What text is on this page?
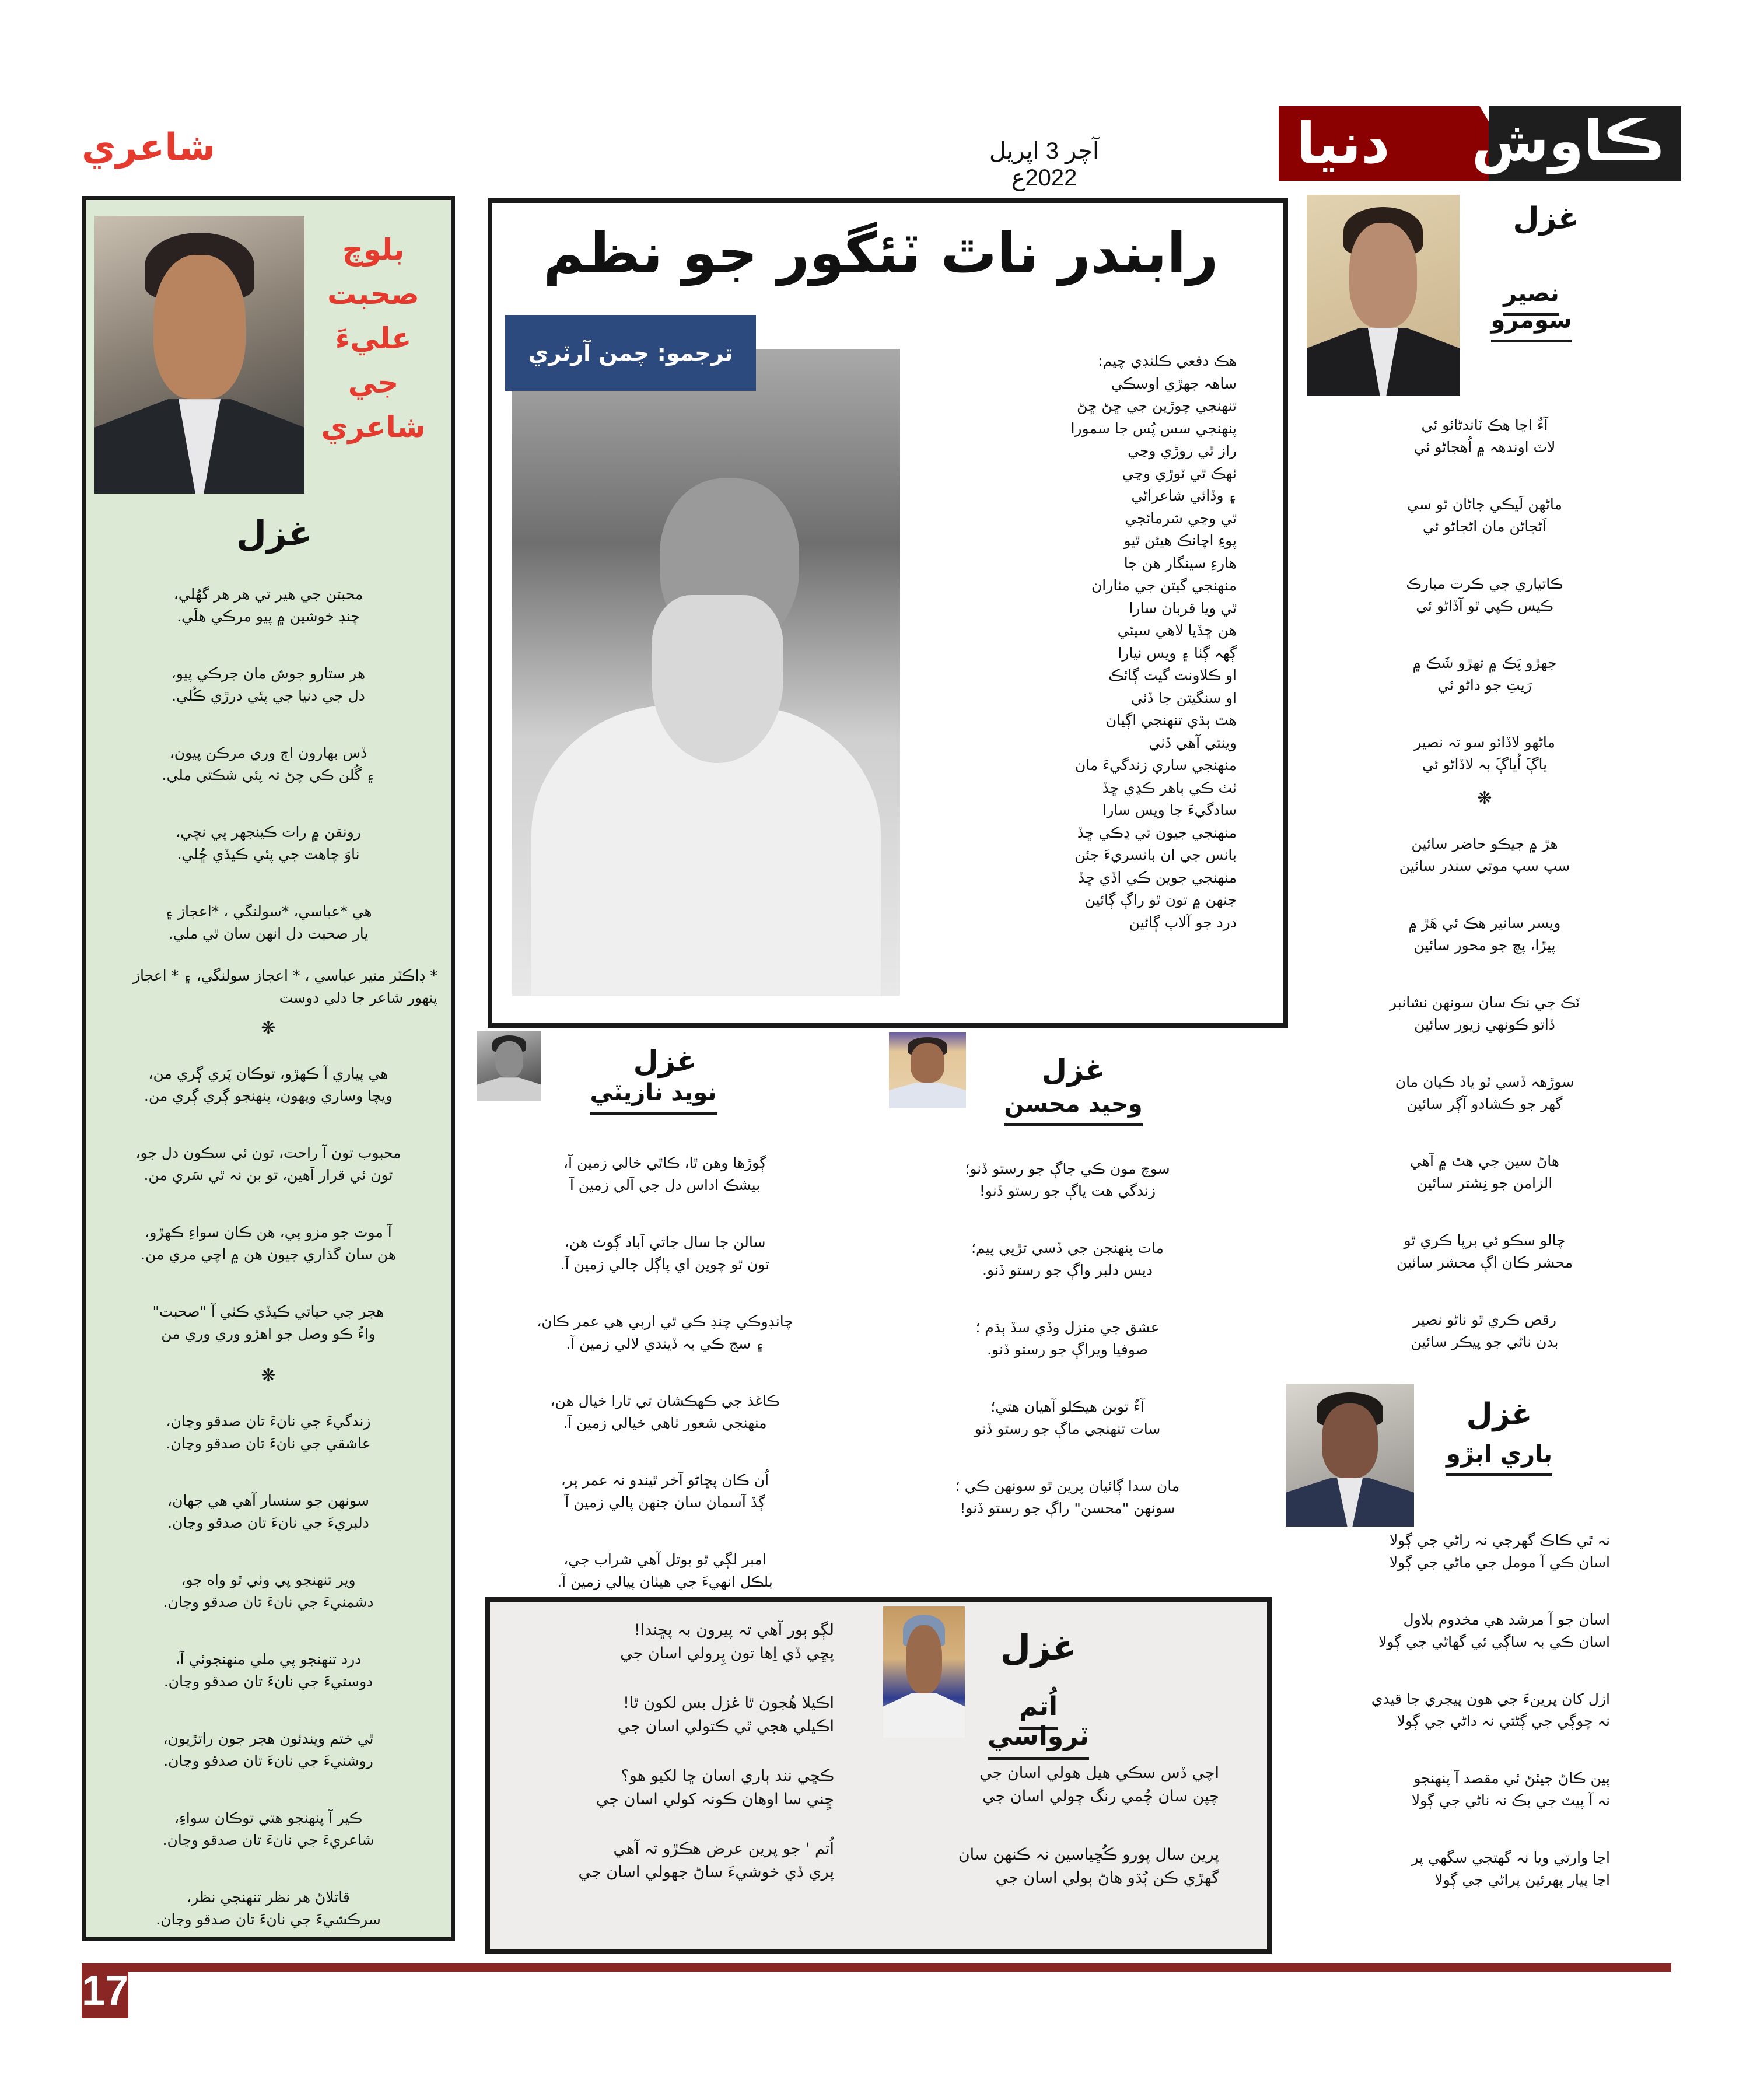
دنيا ڪاوش
آچر 3 اپريل 2022ع
شاعري
بلوچ
صحبت
عليءَ
جي
شاعري
غزل
محبتن جي هير تي هر هر گهُلي،
چنڊ خوشين ۾ پيو مرڪي هلَي.
هر ستارو جوش مان جرڪي پيو،
دل جي دنيا جي پئي درڙي ڪُلي.
ڏس بهارون اڄ وري مرڪن پيون،
۽ گُلن ڪي چڻ تہ پئي شڪتي ملي.
رونقن ۾ رات ڪينجهر پي نچي،
ناوَ چاهت جي پئي ڪيڏي ڇُلي.
هي *عباسي، *سولنگي ، *اعجاز ۽
يار صحبت دل انهن سان ٿي ملي.
* ڊاڪٽر منير عباسي ، * اعجاز سولنگي، ۽ * اعجاز پنهور شاعر جا دلي دوست
❋
هي پياري آ ڪهڙو، توڪان پَري ڳري من،
ويچا وساري ويهون، پنهنجو ڳري ڳري من.
محبوب تون آ راحت، تون ئي سڪون دل جو،
تون ئي قرار آهين، تو بن نہ ٿي سَري من.
آ موت جو مزو پي، هن ڪان سواءِ ڪهڙو،
هن سان گذاري جيون هن ۾ اچي مري من.
هجر جي حياتي ڪيڏي ڪٺي آ "صحبت"
واءُ ڪو وصل جو اهڙو وري وري من
❋
زندگيءَ جي نانءَ تان صدقو وڃان،
عاشقي جي نانءَ تان صدقو وڃان.
سونهن جو سنسار آهي هي جهان،
دلبريءَ جي نانءَ تان صدقو وڃان.
وير تنهنجو پي وٺي ٿو واه جو،
دشمنيءَ جي نانءَ تان صدقو وڃان.
درد تنهنجو پي ملي منهنجوئي آ،
دوستيءَ جي نانءَ تان صدقو وڃان.
ٿي ختم ويندئون هجر جون راتڙيون،
روشنيءَ جي نانءَ تان صدقو وڃان.
ڪير آ پنهنجو هتي توڪان سواءِ،
شاعريءَ جي نانءَ تان صدقو وڃان.
قاتلاڻ هر نظر تنهنجي نظر،
سرڪشيءَ جي نانءَ تان صدقو وڃان.
رابندر ناٿ ٽئگور جو نظم
ترجمو: چمن آرٽري	هڪ دفعي ڪلنڊي چيم:
ساهہ جهڙي اوسڪي
تنهنجي چوڙين جي ڇڻ ڇڻ
پنهنجي سس پُس جا سمورا
راز ٿي روڙي وڃي
ٺهڪ ٿي ٽوڙي وڃي
۽ وڏائي شاعراڻي
ٿي وڃي شرمائجي
پوءِ اچانڪ هيئن ٿيو
هارءِ سينگار هن جا
منهنجي گيتن جي مٺاران
ٿي ويا قربان سارا
هن ڇڏيا لاهي سيئي
ڳهہ ڳٺا ۽ ويس نيارا
او ڪلاونت گيت ڳائڪ
او سنگيتن جا ڏٺي
هٿ ٻڌي تنهنجي اڳيان
وينتي آهي ڏٺي
منهنجي ساري زندگيءَ مان
ٺٺ ڪي ٻاهر ڪڍي ڇڏ
سادگيءَ جا ويس سارا
منهنجي جيون تي ڍڪي ڇڏ
بانس جي ان بانسريءَ جئن
منهنجي جوين ڪي اڏي ڇڏ
جنهن ۾ تون ٿو راڳ ڳائين
درد جو آلاپ ڳائين
غزل
نصير سومرو
آءٌ اڃا هڪ ٽاندڻائو ئي
لاٽ اوندهہ ۾ اُهجاڻو ئي
ماڻهن لَيڪي جاڻان ٿو سي
اَڻجاڻن مان اڻجاڻو ئي
ڪاتياري جي ڪرت مبارڪ
ڪيس ڪپي ٿو آڏاڻو ئي
جهڙو پَڪ ۾ تهڙو شَڪ ۾
رَيتِ جو داڻو ئي
ماڻهو لاڏائو سو تہ نصير
ياڳَ اُياڳَ بہ لاڏاڻو ئي
❋
هڙ ۾ جيڪو حاضر سائين
سپ سپ موتي سندر سائين
ويسر سانير هڪ ئي هَڙ ۾
پيڙا، پچ جو محور سائين
نَڪ جي نڪ سان سونهن نشانبر
ڏاتو ڪونهي زيور سائين
سوڙهہ ڏسي ٿو ياد ڪيان مان
گهر جو ڪشادو آڳر سائين
هاڻ سين جي هٿ ۾ آهي
الزامن جو نِشتر سائين
چالو سڪو ئي برپا ڪري ٿو
محشر ڪان اڳ محشر سائين
رقص ڪري ٿو ناڻو نصير
بدن ناڻي جو پيڪر سائين
غزل
باري ابڙو
نہ ٿي ڪاڪ گهرجي نہ راڻي جي ڳولا
اسان ڪي آ مومل جي ماڻي جي ڳولا
اسان جو آ مرشد هي مخدوم بلاول
اسان ڪي بہ ساڳي ئي گهاڻي جي ڳولا
ازل کان پرينءَ جي هون پيجري جا قيدي
نہ چوڳي جي ڳڻتي نہ داڻي جي ڳولا
پين ڪاڻ جيئڻ ئي مقصد آ پنهنجو
نہ آ پيٽ جي بڪ نہ ناڻي جي ڳولا
اڃا وارتي ويا نہ گهتجي سگهي پر
اڃا پيار پهرئين پراڻي جي ڳولا
غزل
نويد نازيٽي
ڳوڙها وهن ٿا، ڪاٿي خالي زمين آ،
بيشڪ اداس دل جي آلي زمين آ
سالن جا سال جاتي آباد ڳوٺ هن،
تون ٿو چوين اي پاڳل جالي زمين آ.
چانڊوڪي چنڊ ڪي ٿي اربي هي عمر ڪان،
۽ سج ڪي بہ ڏيندي لالي زمين آ.
ڪاغذ جي ڪهڪشان تي تارا خيال هن،
منهنجي شعور ٺاهي خيالي زمين آ.
اُن ڪان پڇاڻو آخر ٿيندو نہ عمر پر،
ڳڏ آسمان سان جنهن پالي زمين آ
امبر لڳي ٿو بوتل آهي شراب جي،
بلڪل انهيءَ جي هيٺان پيالي زمين آ.
غزل
وحيد محسن
سوچ مون ڪي جاڳ جو رستو ڏنو؛
زندگي هت ياڳ جو رستو ڏنو!
مات پنهنجن جي ڏسي تڙپي پيم؛
ديس دلبر واڳ جو رستو ڏنو.
عشق جي منزل وڏي سڏ ٻڌم ؛
صوفيا ويراڳ جو رستو ڏنو.
آءٌ توبن هيڪلو آهيان هتي؛
سات تنهنجي ماڳ جو رستو ڏنو
مان سدا ڳائيان پرين ٿو سونهن ڪي ؛
سونهن "محسن" راڳ جو رستو ڏنو!
غزل
اُتم ٽرواسي
لڳو ٻور آهي تہ پيرون بہ پڇندا!
پڇي ڏي اِها تون پِرولي اسان جي
اڪيلا هُجون ٿا غزل بس لکون ٿا!
اڪيلي هجي ٿي ڪتولي اسان جي
ڪڇي نند ٻاري اسان ڇا لکيو هو؟
ڇِني سا اوهان ڪونہ کولي اسان جي
اُتم ' جو پرين عرض هڪڙو تہ آهي
پري ڏي خوشيءَ ساڻ جهولي اسان جي
اچي ڏس سڪي هيل هولي اسان جي
چپن سان چُمي رنگ چولي اسان جي
پرين سال پورو ڪُڇياسين نہ ڪنهن سان
گهڙي ڪن ٻُڌو هاڻ ٻولي اسان جي
17
